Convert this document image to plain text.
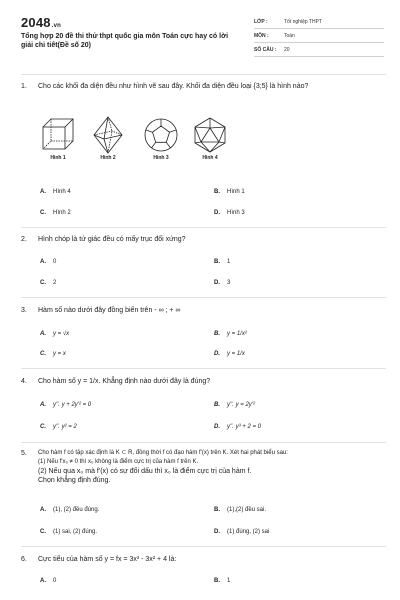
2048.vn
Tổng hợp 20 đề thi thử thpt quốc gia môn Toán cực hay có lời giải chi tiết(Đề số 20)
LỚP :	Tốt nghiệp THPT
MÔN :	Toán
SỐ CÂU :	20
1.	Cho các khối đa diện đều như hình vẽ sau đây. Khối đa diện đều loại {3;5} là hình nào?
Hình 1	Hình 2	Hình 3	Hình 4
A. Hình 4	B. Hình 1
C. Hình 2	D. Hình 3
2.	Hình chóp là tứ giác đều có mấy trục đối xứng?
A. 0	B. 1
C. 2	D. 3
3.	Hàm số nào dưới đây đồng biến trên - ∞ ; + ∞
A. y = √x	B. y = 1/x²
C. y = x	D. y = 1/x
4.	Cho hàm số y = 1/x. Khẳng định nào dưới đây là đúng?
A. y''. y + 2y'² = 0	B. y''. y = 2y'²
C. y''. y² = 2	D. y''. y³ + 2 = 0
5.	Cho hàm f có tập xác định là K ⊂ R, đồng thời f có đạo hàm f'(x) trên K. Xét hai phát biểu sau:
(1) Nếu f'x₀ ≠ 0 thì x₀ không là điểm cực trị của hàm f trên K.
(2) Nếu qua x₀ mà f'(x) có sự đổi dấu thì x₀ là điểm cực trị của hàm f.
Chọn khẳng định đúng.
A. (1), (2) đều đúng.	B. (1),(2) đều sai.
C. (1) sai, (2) đúng.	D. (1) đúng, (2) sai
6.	Cực tiểu của hàm số y = fx = 3x³ - 3x² + 4 là:
A. 0	B. 1
